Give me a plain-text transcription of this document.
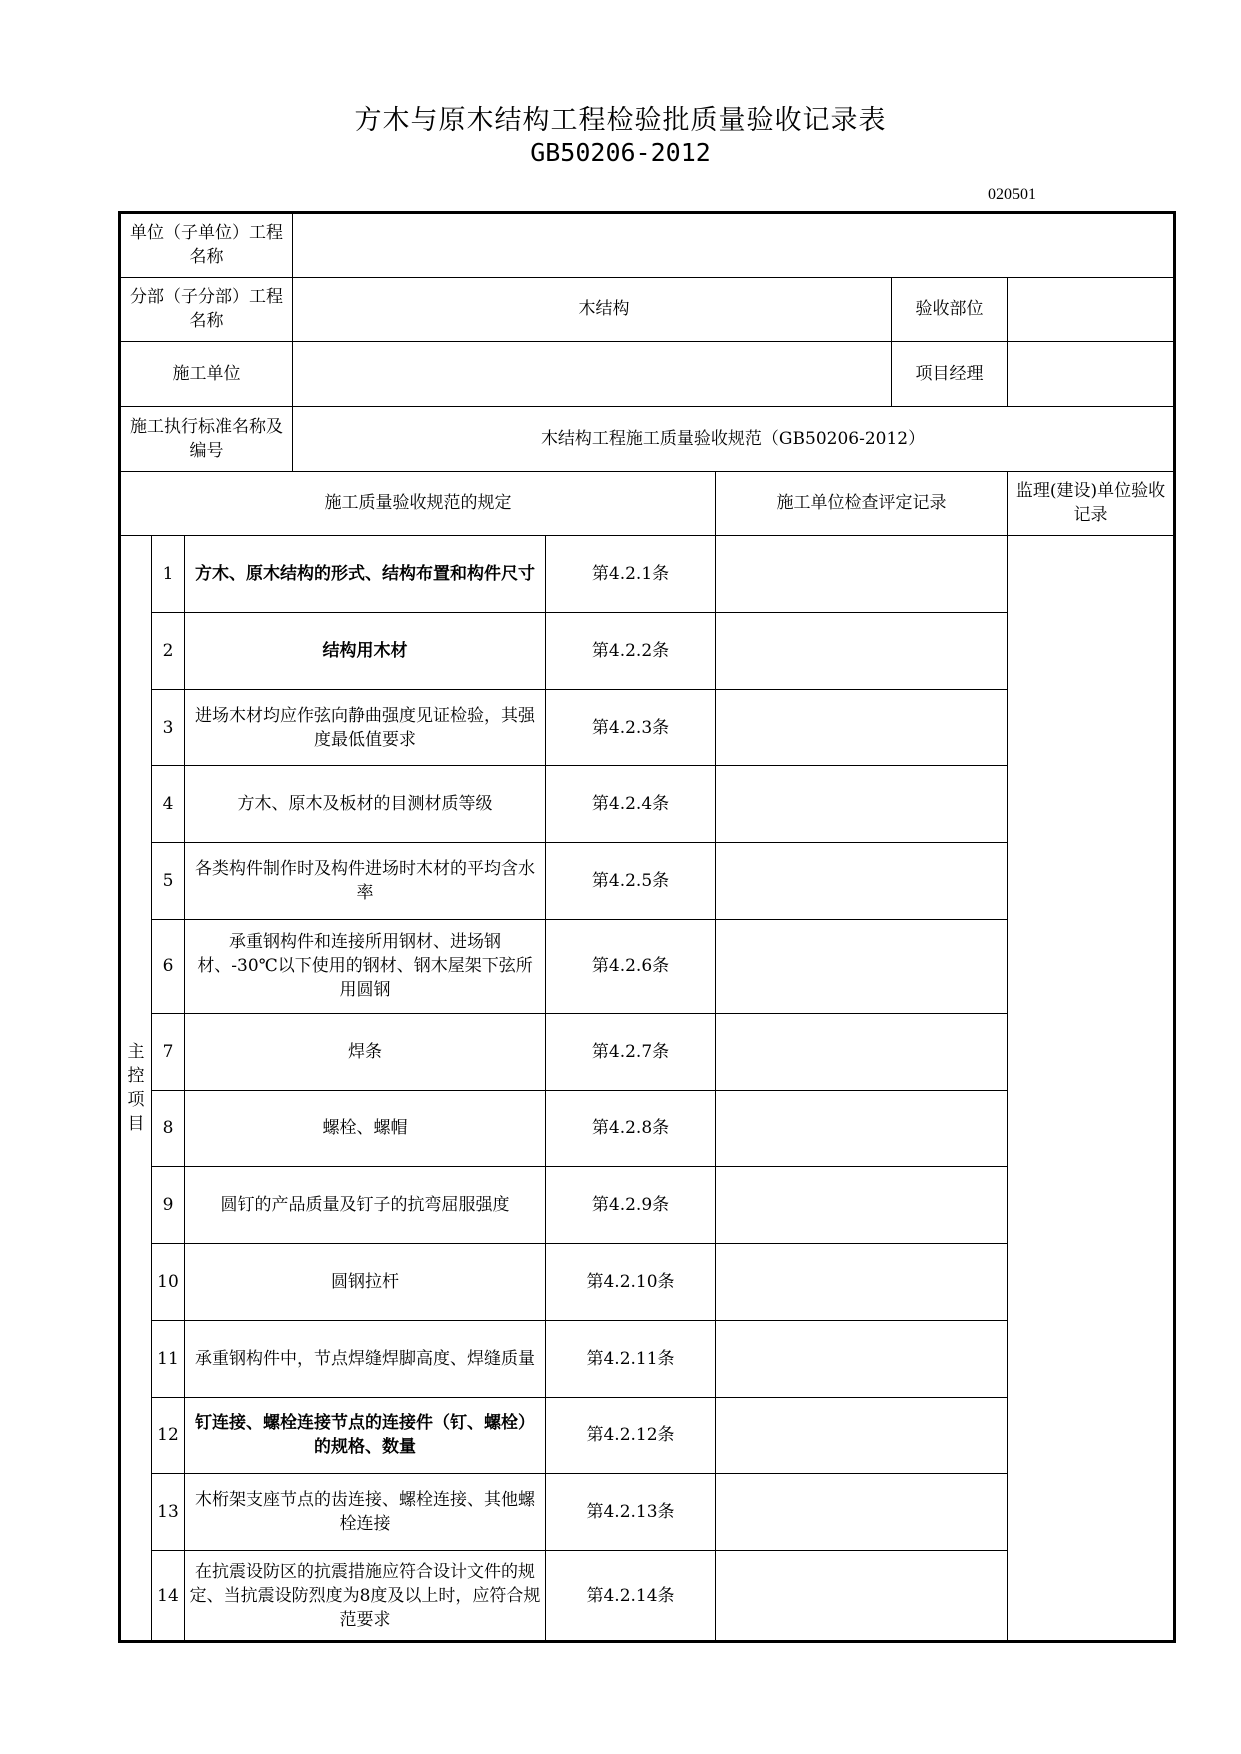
方木与原木结构工程检验批质量验收记录表
GB50206-2012
020501
单位（子单位）工程名称							
分部（子分部）工程名称			木结构			验收部位	
施工单位						项目经理	
施工执行标准名称及编号			木结构工程施工质量验收规范（GB50206-2012）				
施工质量验收规范的规定					施工单位检查评定记录		监理(建设)单位验收记录

主
控
项
目	1	方木、原木结构的形式、结构布置和构件尺寸		第4.2.1条			
	2	结构用木材		第4.2.2条			
	3	进场木材均应作弦向静曲强度见证检验，其强度最低值要求		第4.2.3条			
	4	方木、原木及板材的目测材质等级		第4.2.4条			
	5	各类构件制作时及构件进场时木材的平均含水率		第4.2.5条			
	6	承重钢构件和连接所用钢材、进场钢材、-30℃以下使用的钢材、钢木屋架下弦所用圆钢		第4.2.6条			
	7	焊条		第4.2.7条			
	8	螺栓、螺帽		第4.2.8条			
	9	圆钉的产品质量及钉子的抗弯屈服强度		第4.2.9条			
	10	圆钢拉杆		第4.2.10条			
	11	承重钢构件中，节点焊缝焊脚高度、焊缝质量		第4.2.11条			
	12	钉连接、螺栓连接节点的连接件（钉、螺栓）的规格、数量		第4.2.12条			
	13	木桁架支座节点的齿连接、螺栓连接、其他螺栓连接		第4.2.13条			
	14	在抗震设防区的抗震措施应符合设计文件的规定、当抗震设防烈度为8度及以上时，应符合规范要求		第4.2.14条			
